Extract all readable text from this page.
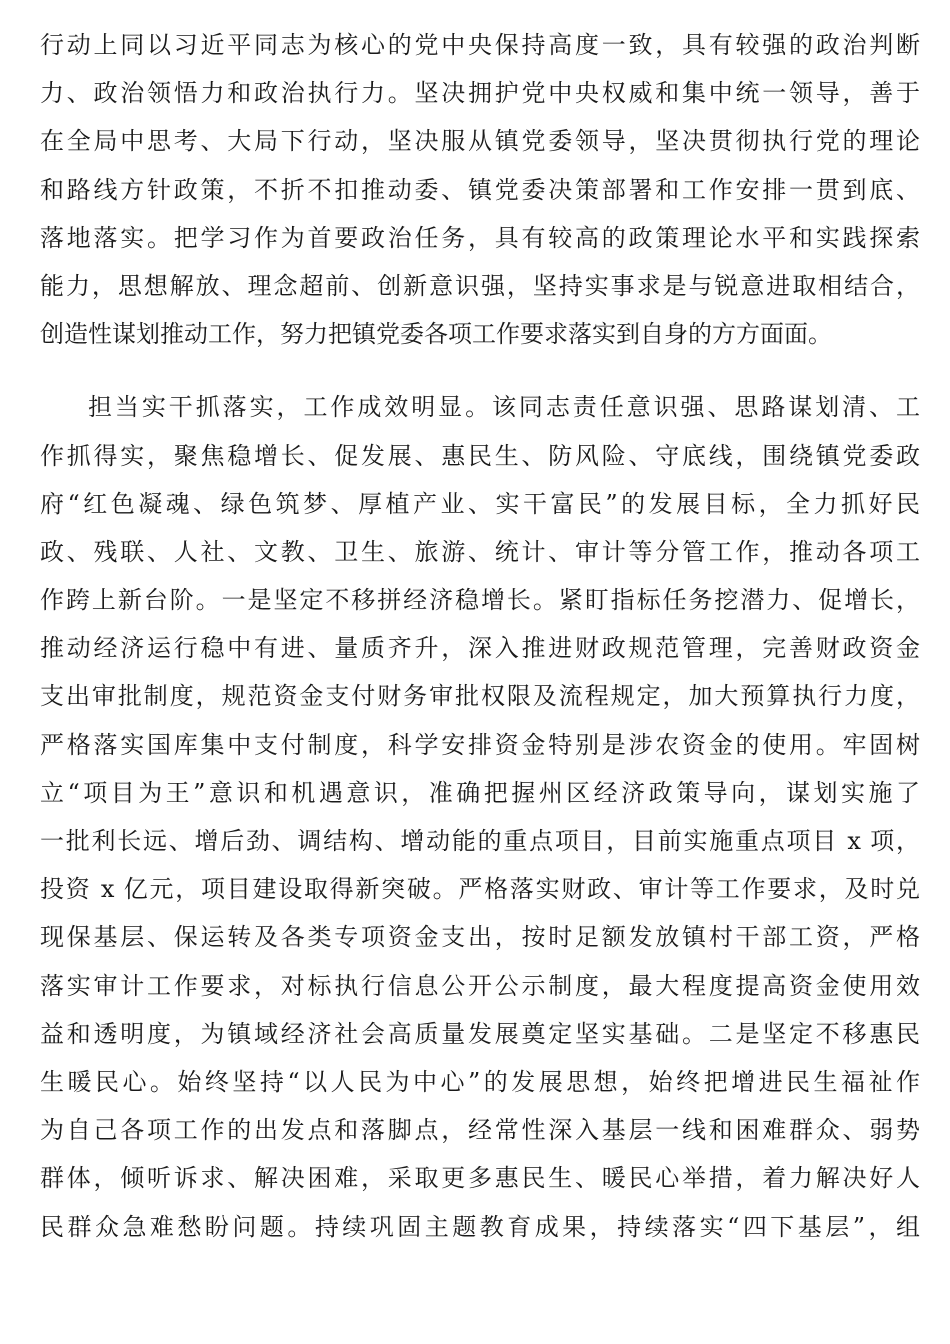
行动上同以习近平同志为核心的党中央保持高度一致，具有较强的政治判断
力、政治领悟力和政治执行力。坚决拥护党中央权威和集中统一领导，善于
在全局中思考、大局下行动，坚决服从镇党委领导，坚决贯彻执行党的理论
和路线方针政策，不折不扣推动委、镇党委决策部署和工作安排一贯到底、
落地落实。把学习作为首要政治任务，具有较高的政策理论水平和实践探索
能力，思想解放、理念超前、创新意识强，坚持实事求是与锐意进取相结合，
创造性谋划推动工作，努力把镇党委各项工作要求落实到自身的方方面面。
担当实干抓落实，工作成效明显。该同志责任意识强、思路谋划清、工
作抓得实，聚焦稳增长、促发展、惠民生、防风险、守底线，围绕镇党委政
府“红色凝魂、绿色筑梦、厚植产业、实干富民”的发展目标，全力抓好民
政、残联、人社、文教、卫生、旅游、统计、审计等分管工作，推动各项工
作跨上新台阶。一是坚定不移拼经济稳增长。紧盯指标任务挖潜力、促增长，
推动经济运行稳中有进、量质齐升，深入推进财政规范管理，完善财政资金
支出审批制度，规范资金支付财务审批权限及流程规定，加大预算执行力度，
严格落实国库集中支付制度，科学安排资金特别是涉农资金的使用。牢固树
立“项目为王”意识和机遇意识，准确把握州区经济政策导向，谋划实施了
一批利长远、增后劲、调结构、增动能的重点项目，目前实施重点项目 x 项，
投资 x 亿元，项目建设取得新突破。严格落实财政、审计等工作要求，及时兑
现保基层、保运转及各类专项资金支出，按时足额发放镇村干部工资，严格
落实审计工作要求，对标执行信息公开公示制度，最大程度提高资金使用效
益和透明度，为镇域经济社会高质量发展奠定坚实基础。二是坚定不移惠民
生暖民心。始终坚持“以人民为中心”的发展思想，始终把增进民生福祉作
为自己各项工作的出发点和落脚点，经常性深入基层一线和困难群众、弱势
群体，倾听诉求、解决困难，采取更多惠民生、暖民心举措，着力解决好人
民群众急难愁盼问题。持续巩固主题教育成果，持续落实“四下基层”，组
